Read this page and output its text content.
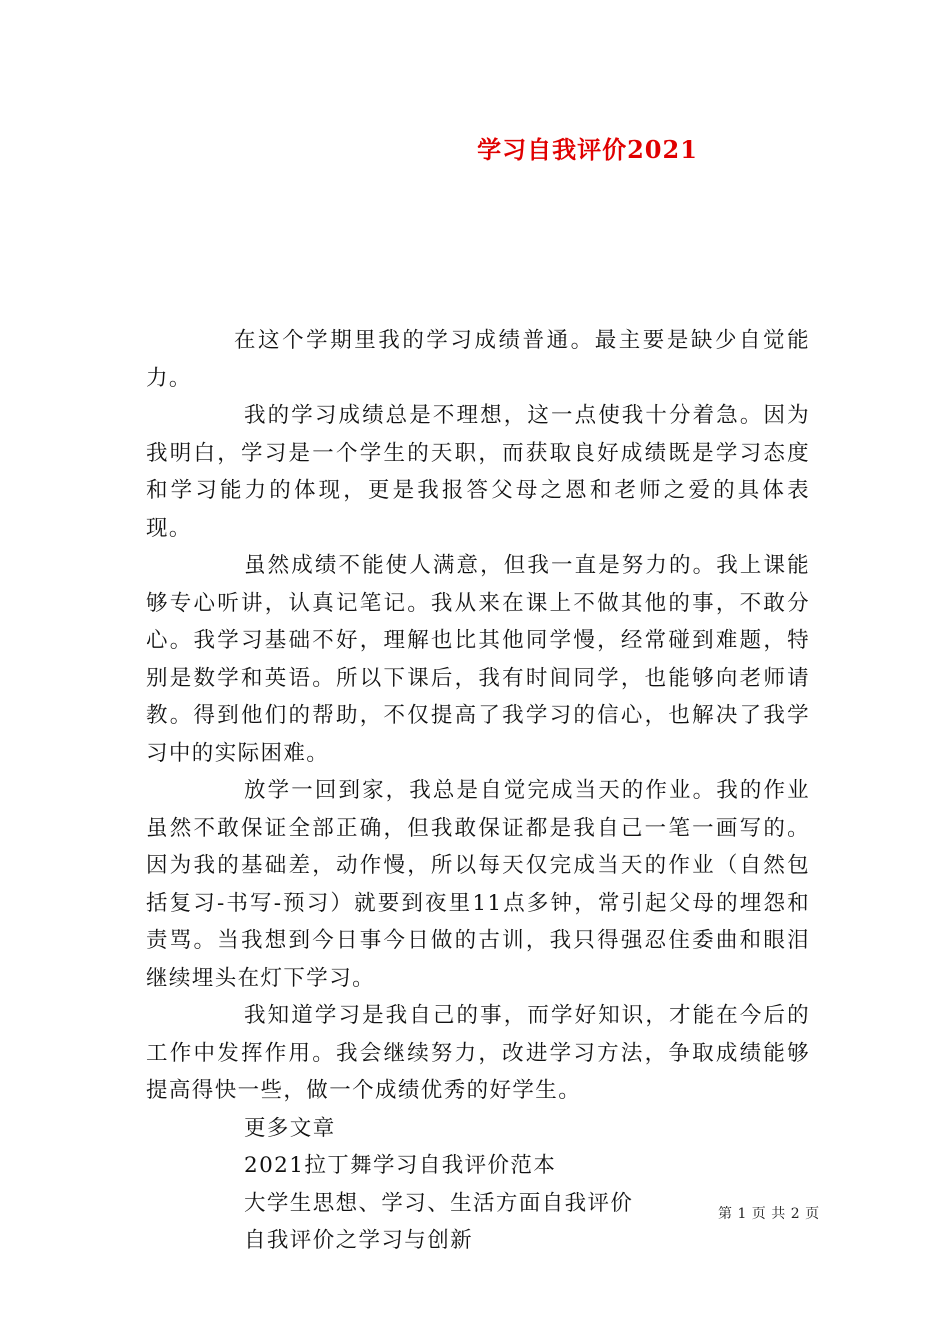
学习自我评价2021

在这个学期里我的学习成绩普通。最主要是缺少自觉能力。

我的学习成绩总是不理想，这一点使我十分着急。因为我明白，学习是一个学生的天职，而获取良好成绩既是学习态度和学习能力的体现，更是我报答父母之恩和老师之爱的具体表现。

虽然成绩不能使人满意，但我一直是努力的。我上课能够专心听讲，认真记笔记。我从来在课上不做其他的事，不敢分心。我学习基础不好，理解也比其他同学慢，经常碰到难题，特别是数学和英语。所以下课后，我有时间同学，也能够向老师请教。得到他们的帮助，不仅提高了我学习的信心，也解决了我学习中的实际困难。

放学一回到家，我总是自觉完成当天的作业。我的作业虽然不敢保证全部正确，但我敢保证都是我自己一笔一画写的。因为我的基础差，动作慢，所以每天仅完成当天的作业（自然包括复习-书写-预习）就要到夜里11点多钟，常引起父母的埋怨和责骂。当我想到今日事今日做的古训，我只得强忍住委曲和眼泪继续埋头在灯下学习。

我知道学习是我自己的事，而学好知识，才能在今后的工作中发挥作用。我会继续努力，改进学习方法，争取成绩能够提高得快一些，做一个成绩优秀的好学生。

更多文章
2021拉丁舞学习自我评价范本
大学生思想、学习、生活方面自我评价
自我评价之学习与创新
第 1 页 共 2 页
